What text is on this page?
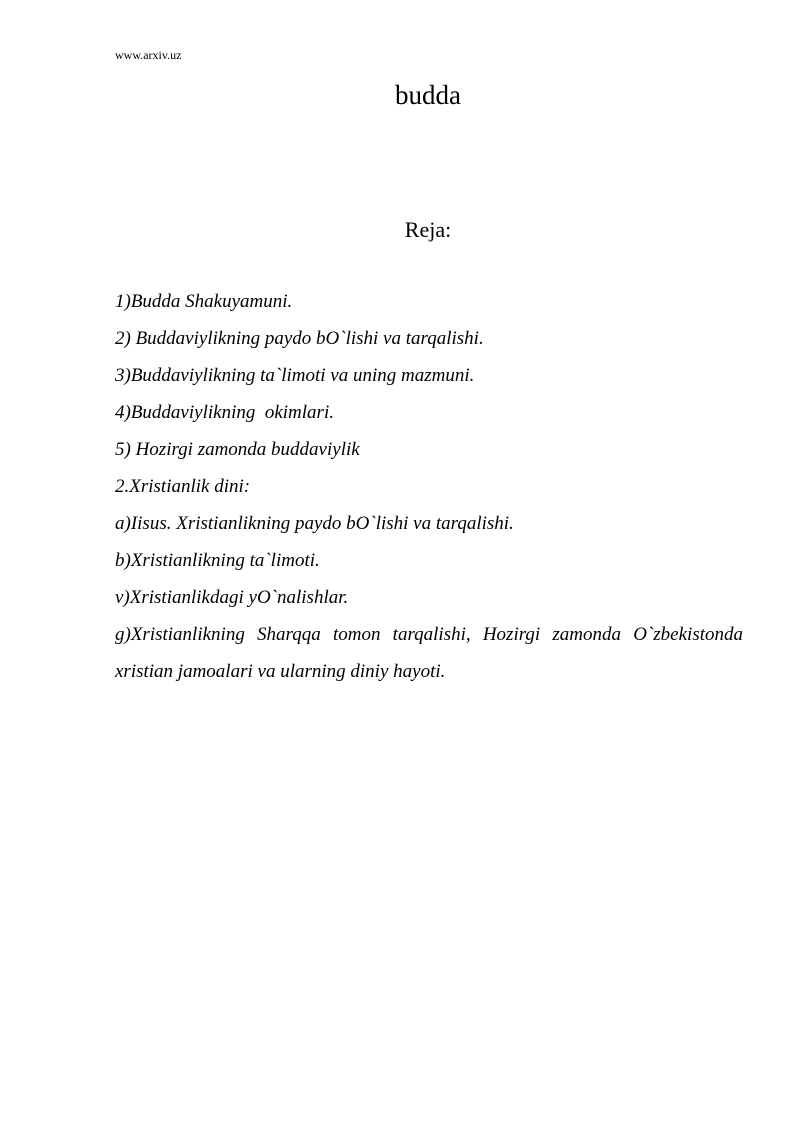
www.arxiv.uz
budda
Reja:
1)Budda Shakuyamuni.
2) Buddaviylikning paydo bO`lishi va tarqalishi.
3)Buddaviylikning ta`limoti va uning mazmuni.
4)Buddaviylikning  okimlari.
5) Hozirgi zamonda buddaviylik
2.Xristianlik dini:
a)Iisus. Xristianlikning paydo bO`lishi va tarqalishi.
b)Xristianlikning ta`limoti.
v)Xristianlikdagi yO`nalishlar.
g)Xristianlikning Sharqqa tomon tarqalishi, Hozirgi zamonda O`zbekistonda xristian jamoalari va ularning diniy hayoti.
